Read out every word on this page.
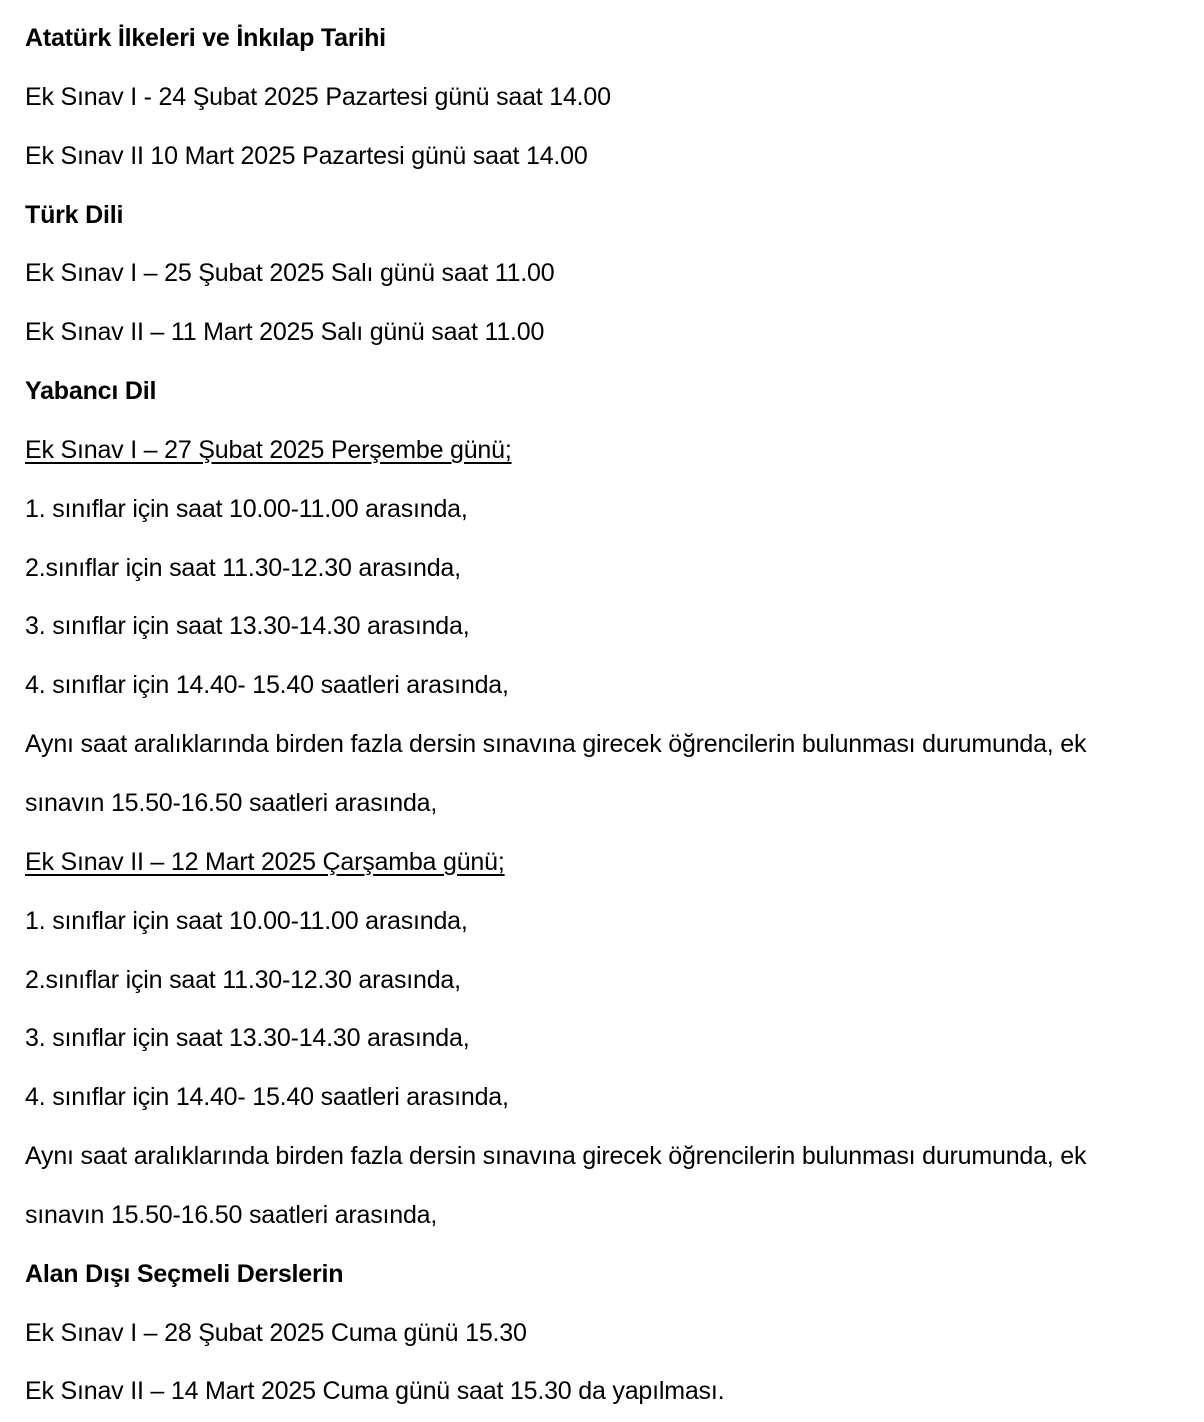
Atatürk İlkeleri ve İnkılap Tarihi
Ek Sınav I - 24 Şubat 2025 Pazartesi günü saat 14.00
Ek Sınav II 10 Mart 2025 Pazartesi günü saat 14.00
Türk Dili
Ek Sınav I – 25 Şubat 2025 Salı günü saat 11.00
Ek Sınav II – 11 Mart 2025 Salı günü saat 11.00
Yabancı Dil
Ek Sınav I – 27 Şubat 2025 Perşembe günü;
1. sınıflar için saat 10.00-11.00 arasında,
2.sınıflar için saat 11.30-12.30 arasında,
3. sınıflar için saat 13.30-14.30 arasında,
4. sınıflar için 14.40- 15.40 saatleri arasında,
Aynı saat aralıklarında birden fazla dersin sınavına girecek öğrencilerin bulunması durumunda, ek
sınavın 15.50-16.50 saatleri arasında,
Ek Sınav II – 12 Mart 2025 Çarşamba günü;
1. sınıflar için saat 10.00-11.00 arasında,
2.sınıflar için saat 11.30-12.30 arasında,
3. sınıflar için saat 13.30-14.30 arasında,
4. sınıflar için 14.40- 15.40 saatleri arasında,
Aynı saat aralıklarında birden fazla dersin sınavına girecek öğrencilerin bulunması durumunda, ek
sınavın 15.50-16.50 saatleri arasında,
Alan Dışı Seçmeli Derslerin
Ek Sınav I – 28 Şubat 2025 Cuma günü 15.30
Ek Sınav II – 14 Mart 2025 Cuma günü saat 15.30 da yapılması.
